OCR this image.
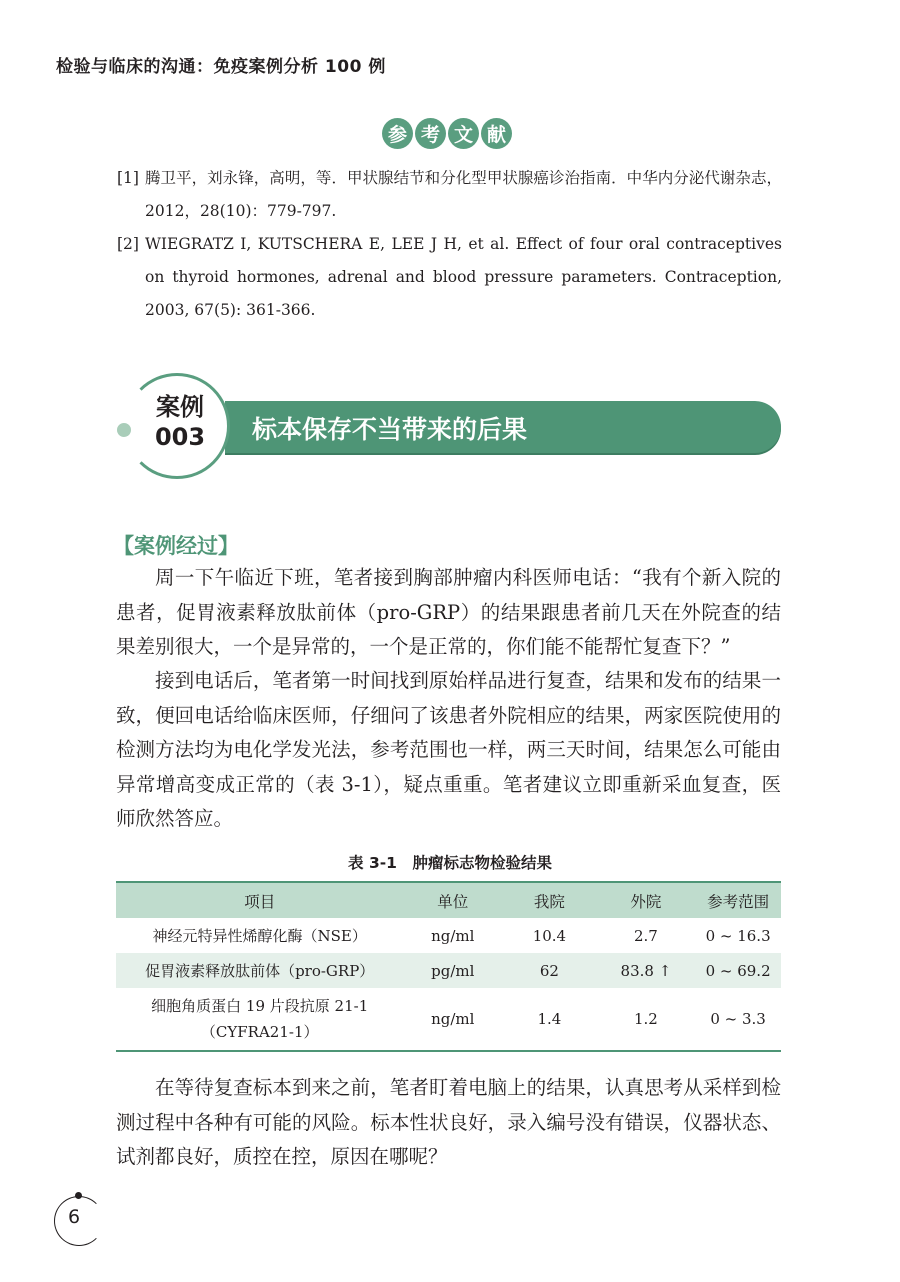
检验与临床的沟通：免疫案例分析 100 例
参 考 文 献
[1] 腾卫平，刘永锋，高明，等．甲状腺结节和分化型甲状腺癌诊治指南．中华内分泌代谢杂志，2012，28(10)：779-797.
[2] WIEGRATZ I, KUTSCHERA E, LEE J H, et al. Effect of four oral contraceptives on thyroid hormones, adrenal and blood pressure parameters. Contraception, 2003, 67(5): 361-366.
案例
003	标本保存不当带来的后果
【案例经过】
周一下午临近下班，笔者接到胸部肿瘤内科医师电话：“我有个新入院的患者，促胃液素释放肽前体（pro-GRP）的结果跟患者前几天在外院查的结果差别很大，一个是异常的，一个是正常的，你们能不能帮忙复查下？”
接到电话后，笔者第一时间找到原始样品进行复查，结果和发布的结果一致，便回电话给临床医师，仔细问了该患者外院相应的结果，两家医院使用的检测方法均为电化学发光法，参考范围也一样，两三天时间，结果怎么可能由异常增高变成正常的（表 3-1），疑点重重。笔者建议立即重新采血复查，医师欣然答应。
表 3-1　肿瘤标志物检验结果
项目	单位	我院	外院	参考范围
神经元特异性烯醇化酶（NSE）	ng/ml	10.4	2.7	0 ~ 16.3
促胃液素释放肽前体（pro-GRP）	pg/ml	62	83.8 ↑	0 ~ 69.2

细胞角质蛋白 19 片段抗原 21-1
（CYFRA21-1）	ng/ml	1.4	1.2	0 ~ 3.3
在等待复查标本到来之前，笔者盯着电脑上的结果，认真思考从采样到检测过程中各种有可能的风险。标本性状良好，录入编号没有错误，仪器状态、试剂都良好，质控在控，原因在哪呢？
6
